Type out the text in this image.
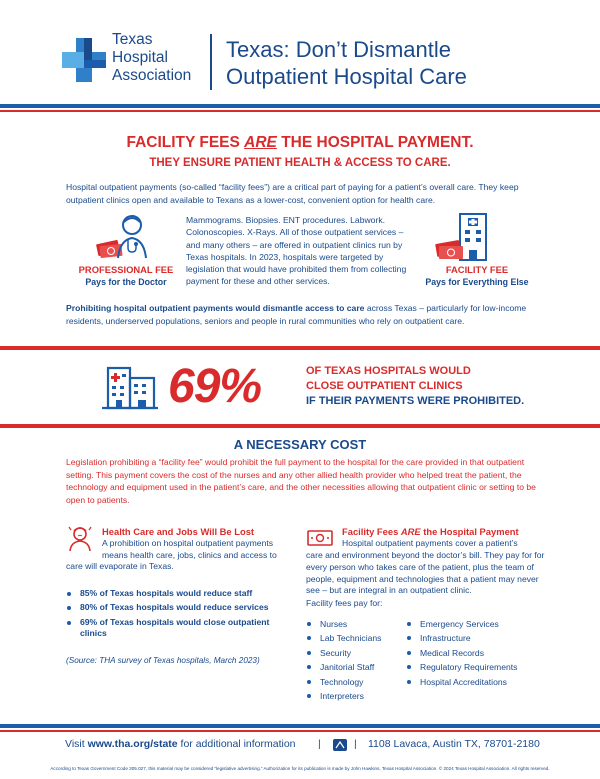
Texas
Hospital
Association
Texas: Don’t Dismantle
Outpatient Hospital Care
FACILITY FEES ARE THE HOSPITAL PAYMENT.
THEY ENSURE PATIENT HEALTH & ACCESS TO CARE.

Hospital outpatient payments (so-called “facility fees”) are a critical part of paying for a patient’s overall care. They keep outpatient clinics open and available to Texans as a lower-cost, convenient option for health care.

PROFESSIONAL FEE
Pays for the Doctor

Mammograms. Biopsies. ENT procedures. Labwork. Colonoscopies. X-Rays. All of those outpatient services – and many others – are offered in outpatient clinics run by Texas hospitals. In 2023, hospitals were targeted by legislation that would have prohibited them from collecting payment for these and other services.

FACILITY FEE
Pays for Everything Else

Prohibiting hospital outpatient payments would dismantle access to care across Texas – particularly for low-income residents, underserved populations, seniors and people in rural communities who rely on outpatient care.

69%	OF TEXAS HOSPITALS WOULD
CLOSE OUTPATIENT CLINICS
IF THEIR PAYMENTS WERE PROHIBITED.
A NECESSARY COST

Legislation prohibiting a “facility fee” would prohibit the full payment to the hospital for the care provided in that outpatient setting. This payment covers the cost of the nurses and any other allied health provider who helped treat the patient, the technology and equipment used in the patient’s care, and the other necessities allowing that outpatient clinic or setting to be open to patients.

Health Care and Jobs Will Be Lost

A prohibition on hospital outpatient payments means health care, jobs, clinics and access to

care will evaporate in Texas.

85% of Texas hospitals would reduce staff
80% of Texas hospitals would reduce services
69% of Texas hospitals would close outpatient clinics
(Source: THA survey of Texas hospitals, March 2023)
Facility Fees ARE the Hospital Payment

Hospital outpatient payments cover a patient’s

care and environment beyond the doctor’s bill. They pay for for every person who takes care of the patient, plus the team of people, equipment and technologies that a patient may never see – but are integral in an outpatient clinic.

Facility fees pay for:

Nurses
Lab Technicians
Security
Janitorial Staff
Technology
Interpreters
Emergency Services
Infrastructure
Medical Records
Regulatory Requirements
Hospital Accreditations
Visit www.tha.org/state for additional information |	| 1108 Lavaca, Austin TX, 78701-2180
According to Texas Government Code 305.027, this material may be considered “legislative advertising.” Authorization for its publication is made by John Hawkins, Texas Hospital Association. © 2024 Texas Hospital Association. All rights reserved.
